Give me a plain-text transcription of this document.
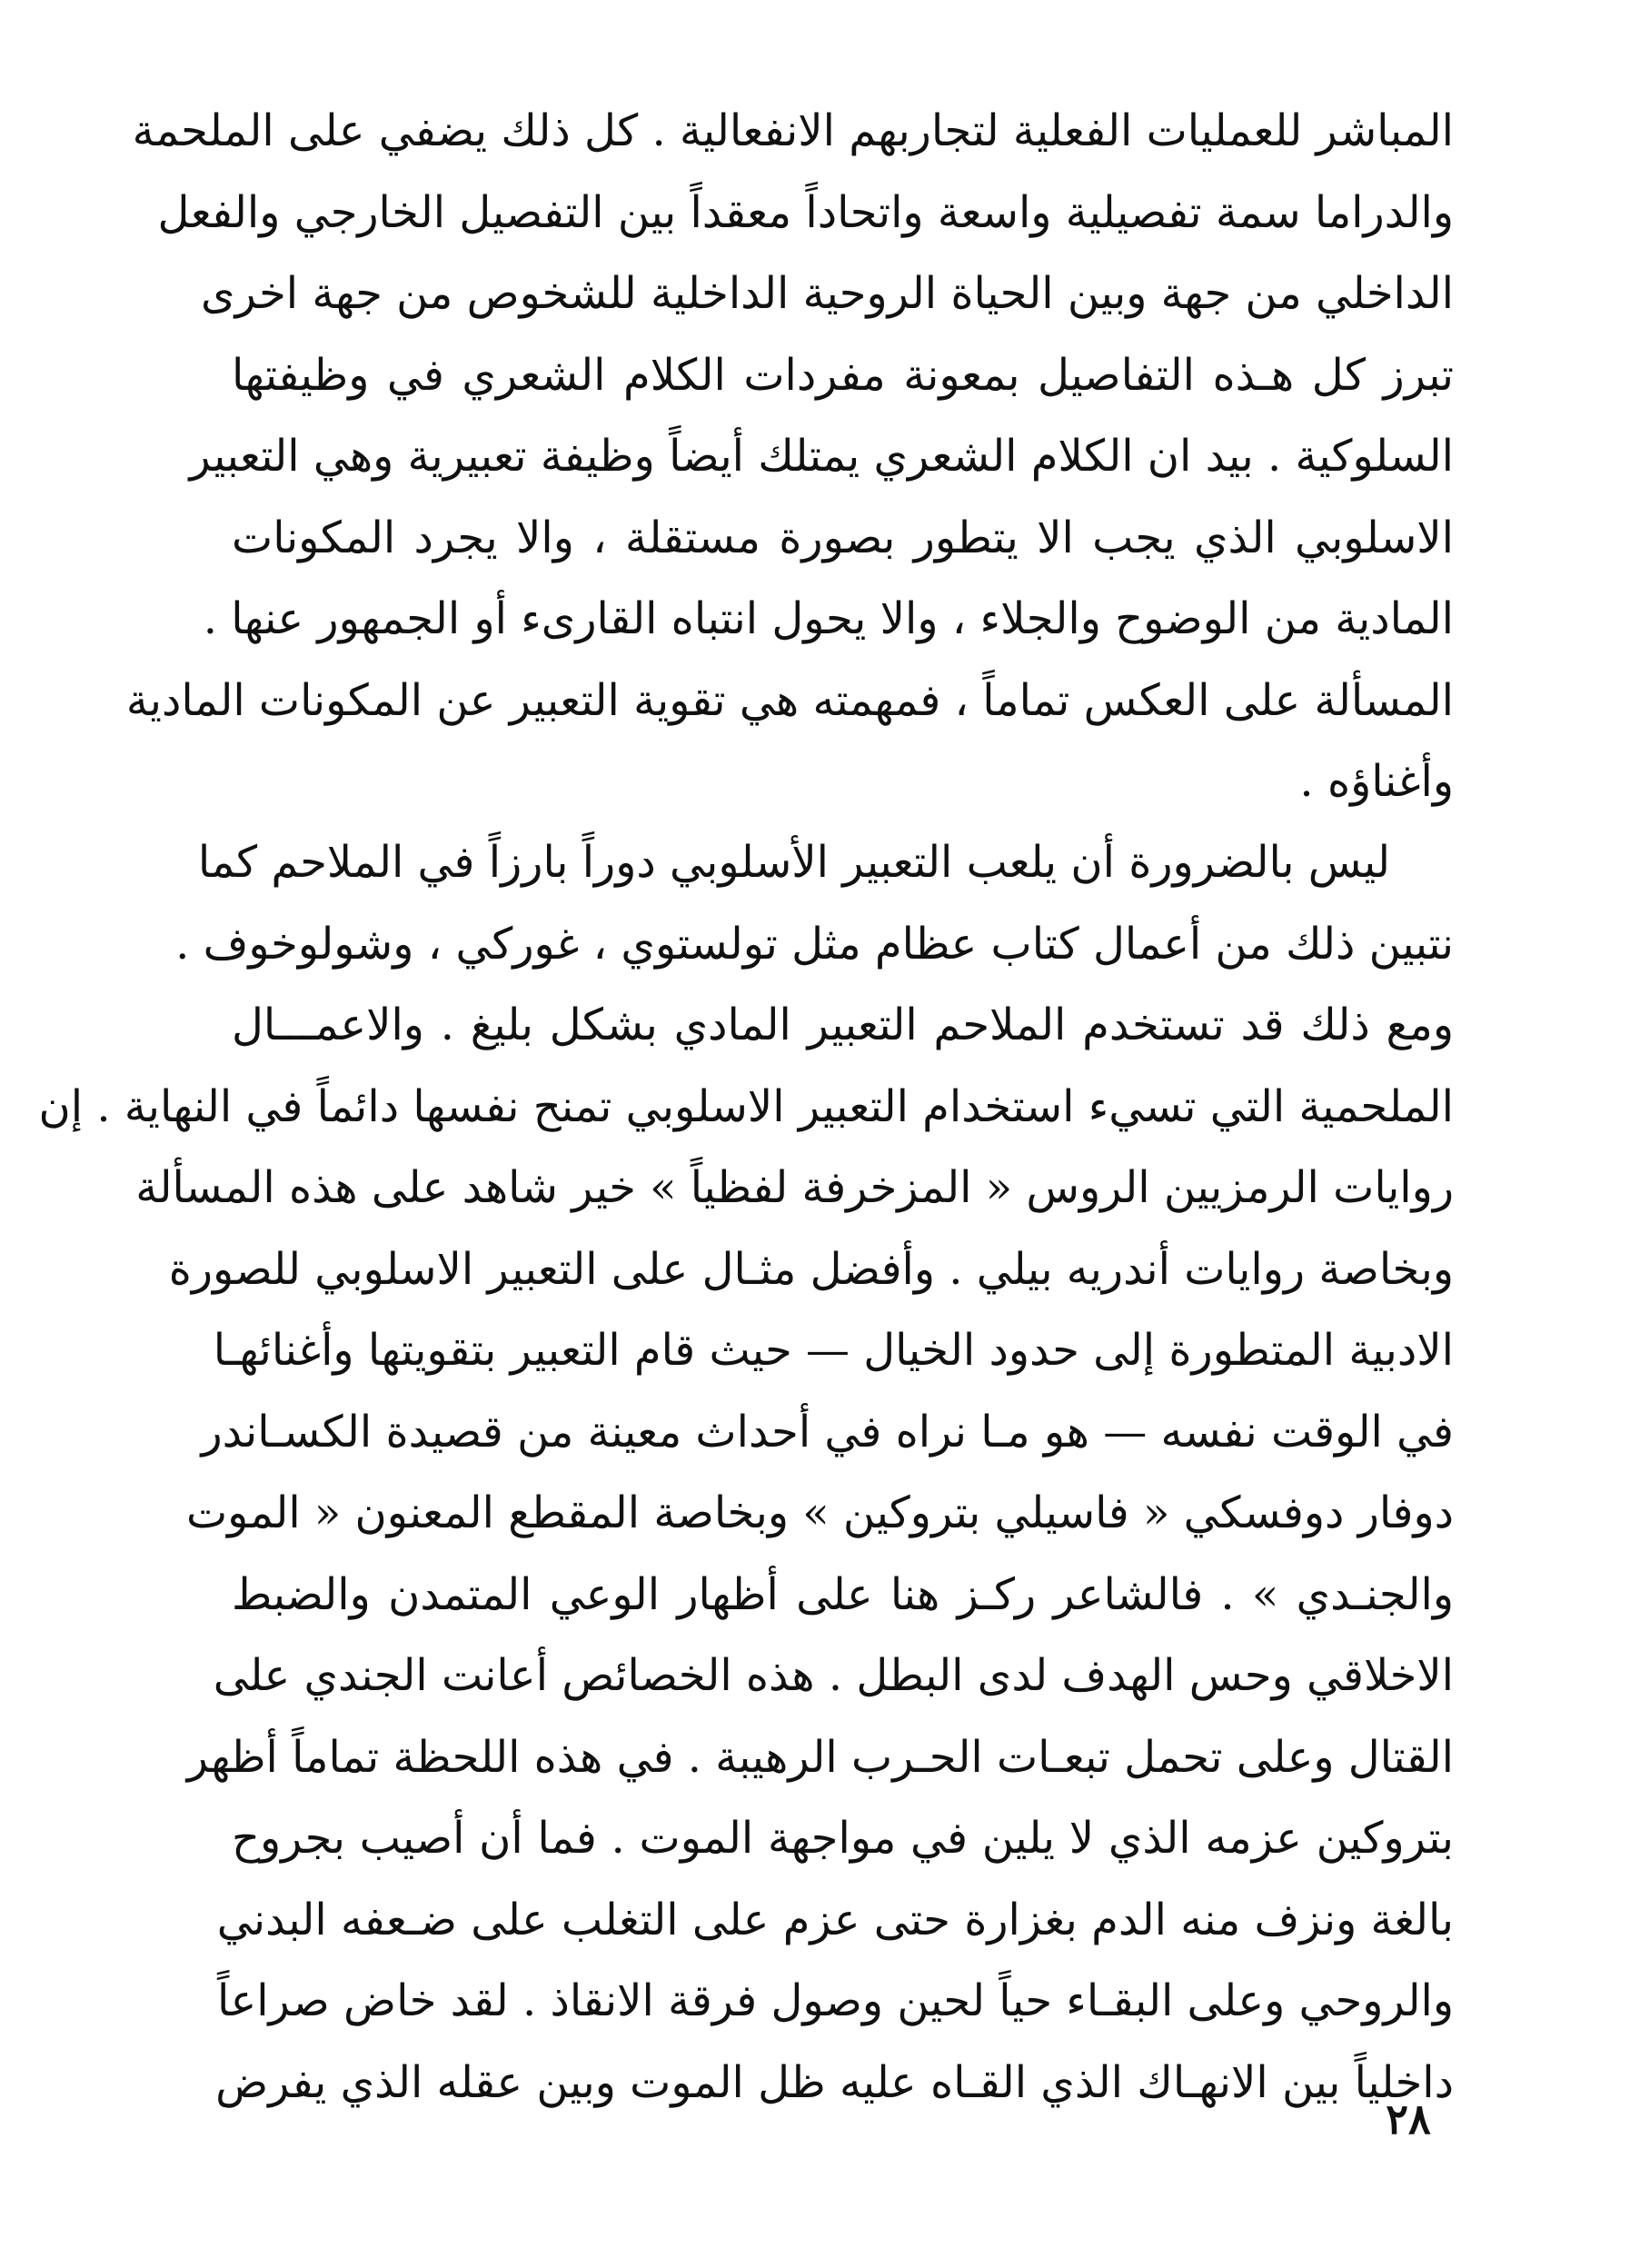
المباشر للعمليات الفعلية لتجاربهم الانفعالية . كل ذلك يضفي على الملحمة
والدراما سمة تفصيلية واسعة واتحاداً معقداً بين التفصيل الخارجي والفعل
الداخلي من جهة وبين الحياة الروحية الداخلية للشخوص من جهة اخرى
تبرز كل هـذه التفاصيل بمعونة مفردات الكلام الشعري في وظيفتها
السلوكية . بيد ان الكلام الشعري يمتلك أيضاً وظيفة تعبيرية وهي التعبير
الاسلوبي الذي يجب الا يتطور بصورة مستقلة ، والا يجرد المكونات
المادية من الوضوح والجلاء ، والا يحول انتباه القارىء أو الجمهور عنها .
المسألة على العكس تماماً ، فمهمته هي تقوية التعبير عن المكونات المادية
وأغناؤه .
ليس بالضرورة أن يلعب التعبير الأسلوبي دوراً بارزاً في الملاحم كما
نتبين ذلك من أعمال كتاب عظام مثل تولستوي ، غوركي ، وشولوخوف .
ومع ذلك قد تستخدم الملاحم التعبير المادي بشكل بليغ . والاعمـــال
الملحمية التي تسيء استخدام التعبير الاسلوبي تمنح نفسها دائماً في النهاية . إن
روايات الرمزيين الروس « المزخرفة لفظياً » خير شاهد على هذه المسألة
وبخاصة روايات أندريه بيلي . وأفضل مثـال على التعبير الاسلوبي للصورة
الادبية المتطورة إلى حدود الخيال — حيث قام التعبير بتقويتها وأغنائهـا
في الوقت نفسه — هو مـا نراه في أحداث معينة من قصيدة الكسـاندر
دوفار دوفسكي « فاسيلي بتروكين » وبخاصة المقطع المعنون « الموت
والجنـدي » . فالشاعر ركـز هنا على أظهار الوعي المتمدن والضبط
الاخلاقي وحس الهدف لدى البطل . هذه الخصائص أعانت الجندي على
القتال وعلى تحمل تبعـات الحـرب الرهيبة . في هذه اللحظة تماماً أظهر
بتروكين عزمه الذي لا يلين في مواجهة الموت . فما أن أصيب بجروح
بالغة ونزف منه الدم بغزارة حتى عزم على التغلب على ضـعفه البدني
والروحي وعلى البقـاء حياً لحين وصول فرقة الانقاذ . لقد خاض صراعاً
داخلياً بين الانهـاك الذي القـاه عليه ظل الموت وبين عقله الذي يفرض
٢٨
